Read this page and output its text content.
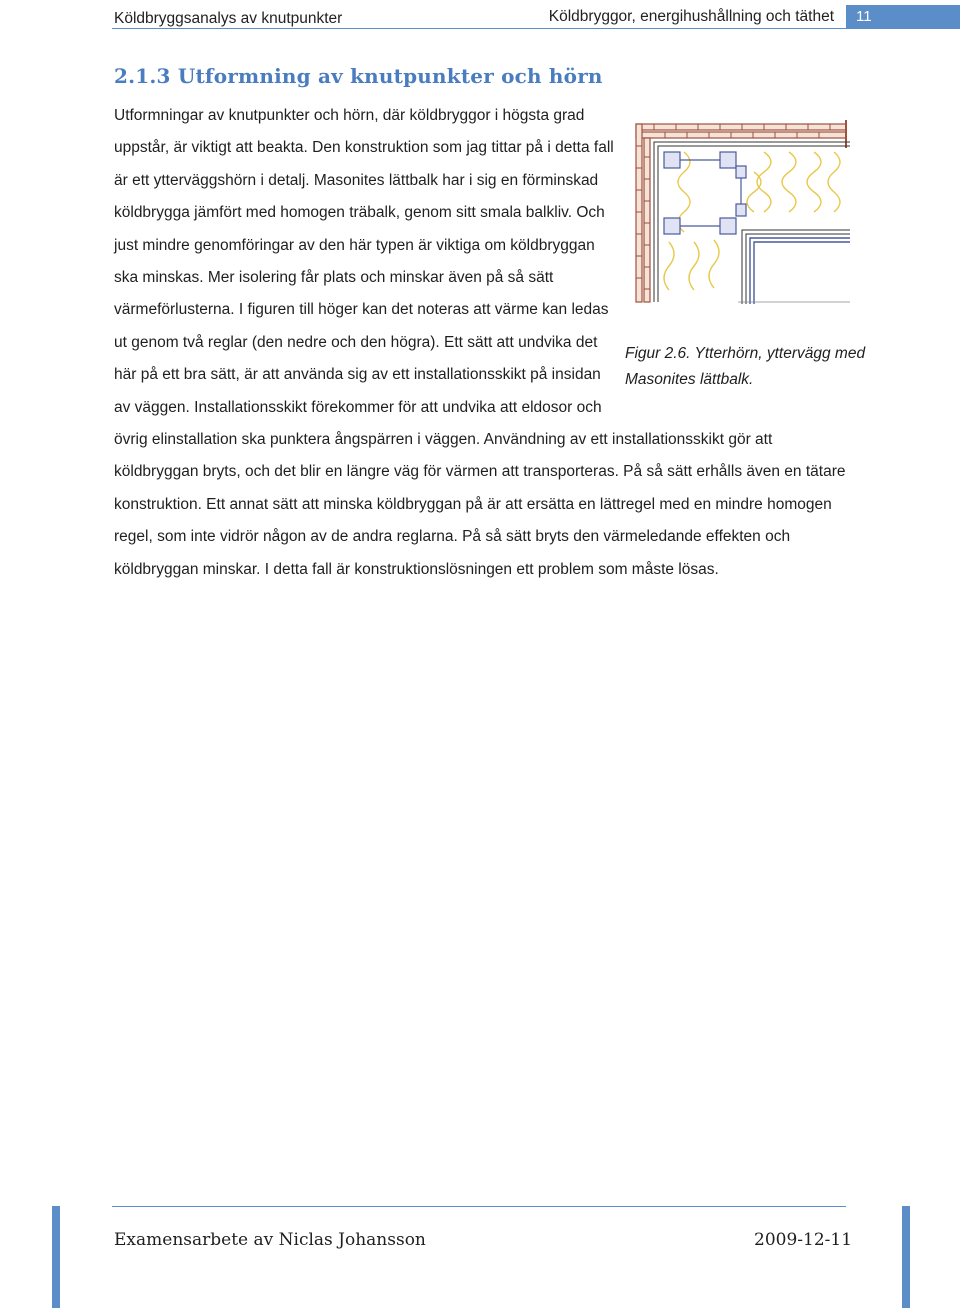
Köldbryggsanalys av knutpunkter	Köldbryggor, energihushållning och täthet	11
2.1.3 Utformning av knutpunkter och hörn

Utformningar av knutpunkter och hörn, där köldbryggor i högsta grad uppstår, är viktigt att beakta. Den konstruktion som jag tittar på i detta fall är ett ytterväggshörn i detalj. Masonites lättbalk har i sig en förminskad köldbrygga jämfört med homogen träbalk, genom sitt smala balkliv. Och just mindre genomföringar av den här typen är viktiga om köldbryggan ska minskas. Mer isolering får plats och minskar även på så sätt värmeförlusterna. I figuren till höger kan det noteras att värme kan ledas ut genom två reglar (den nedre och den högra). Ett sätt att undvika det här på ett bra sätt, är att använda sig av ett installationsskikt på insidan av väggen. Installationsskikt förekommer för att undvika att eldosor och övrig elinstallation ska punktera ångspärren i väggen. Användning av ett installationsskikt gör att köldbryggan bryts, och det blir en längre väg för värmen att transporteras. På så sätt erhålls även en tätare konstruktion. Ett annat sätt att minska köldbryggan på är att ersätta en lättregel med en mindre homogen regel, som inte vidrör någon av de andra reglarna. På så sätt bryts den värmeledande effekten och köldbryggan minskar. I detta fall är konstruktionslösningen ett problem som måste lösas.

Figur 2.6. Ytterhörn, yttervägg med
Masonites lättbalk.
Examensarbete av Niclas Johansson	2009-12-11
